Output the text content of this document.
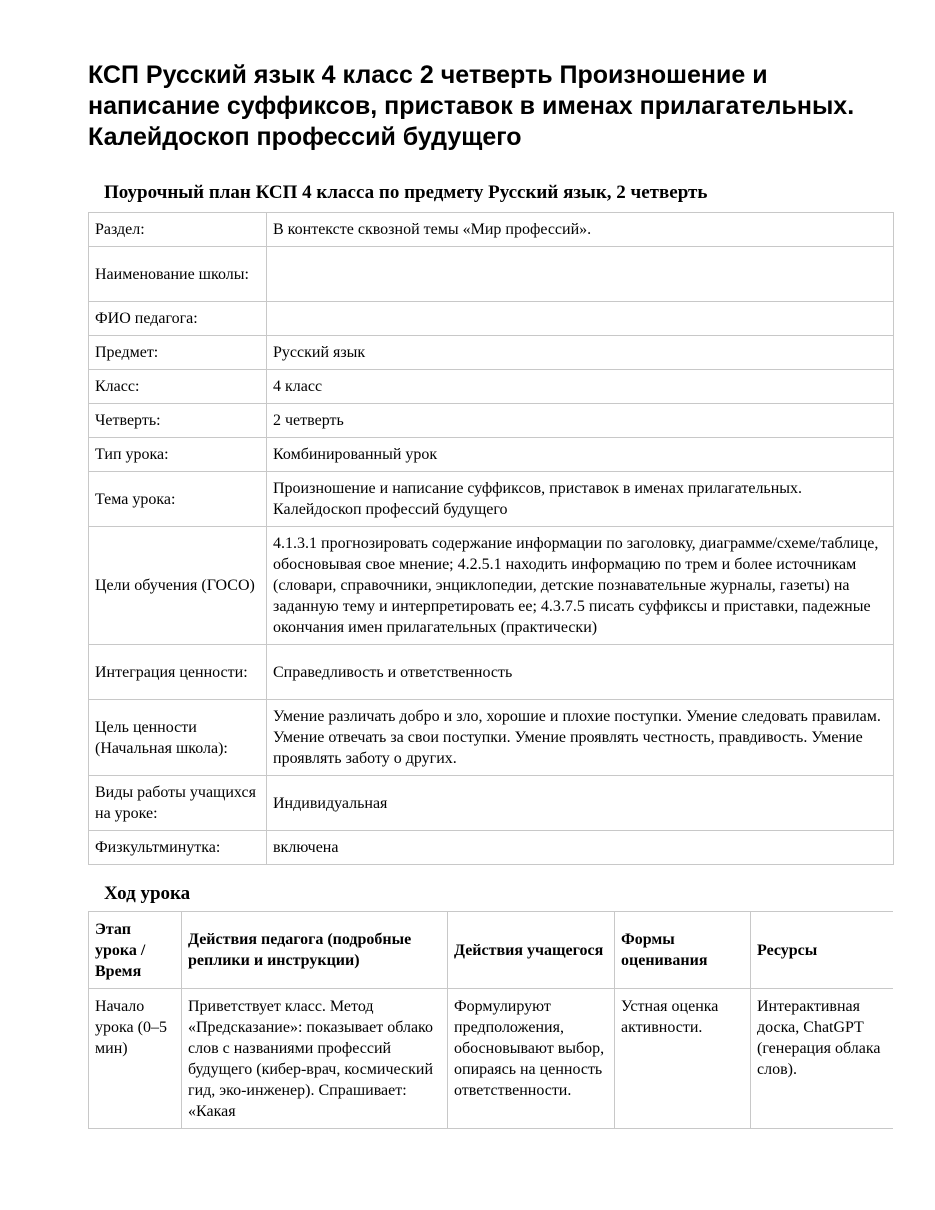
КСП Русский язык 4 класс 2 четверть Произношение и написание суффиксов, приставок в именах прилагательных. Калейдоскоп профессий будущего
Поурочный план КСП 4 класса по предмету Русский язык, 2 четверть
Раздел:	В контексте сквозной темы «Мир профессий».
Наименование школы:	
ФИО педагога:	
Предмет:	Русский язык
Класс:	4 класс
Четверть:	2 четверть
Тип урока:	Комбинированный урок
Тема урока:	Произношение и написание суффиксов, приставок в именах прилагательных. Калейдоскоп профессий будущего
Цели обучения (ГОСО)	4.1.3.1 прогнозировать содержание информации по заголовку, диаграмме/схеме/таблице, обосновывая свое мнение; 4.2.5.1 находить информацию по трем и более источникам (словари, справочники, энциклопедии, детские познавательные журналы, газеты) на заданную тему и интерпретировать ее; 4.3.7.5 писать суффиксы и приставки, падежные окончания имен прилагательных (практически)
Интеграция ценности:	Справедливость и ответственность
Цель ценности (Начальная школа):	Умение различать добро и зло, хорошие и плохие поступки. Умение следовать правилам. Умение отвечать за свои поступки. Умение проявлять честность, правдивость. Умение проявлять заботу о других.
Виды работы учащихся на уроке:	Индивидуальная
Физкультминутка:	включена
Ход урока
Этап урока / Время	Действия педагога (подробные реплики и инструкции)	Действия учащегося	Формы оценивания	Ресурсы
Начало урока (0–5 мин)	Приветствует класс. Метод «Предсказание»: показывает облако слов с названиями профессий будущего (кибер-врач, космический гид, эко-инженер). Спрашивает: «Какая	Формулируют предположения, обосновывают выбор, опираясь на ценность ответственности.	Устная оценка активности.	Интерактивная доска, ChatGPT (генерация облака слов).
